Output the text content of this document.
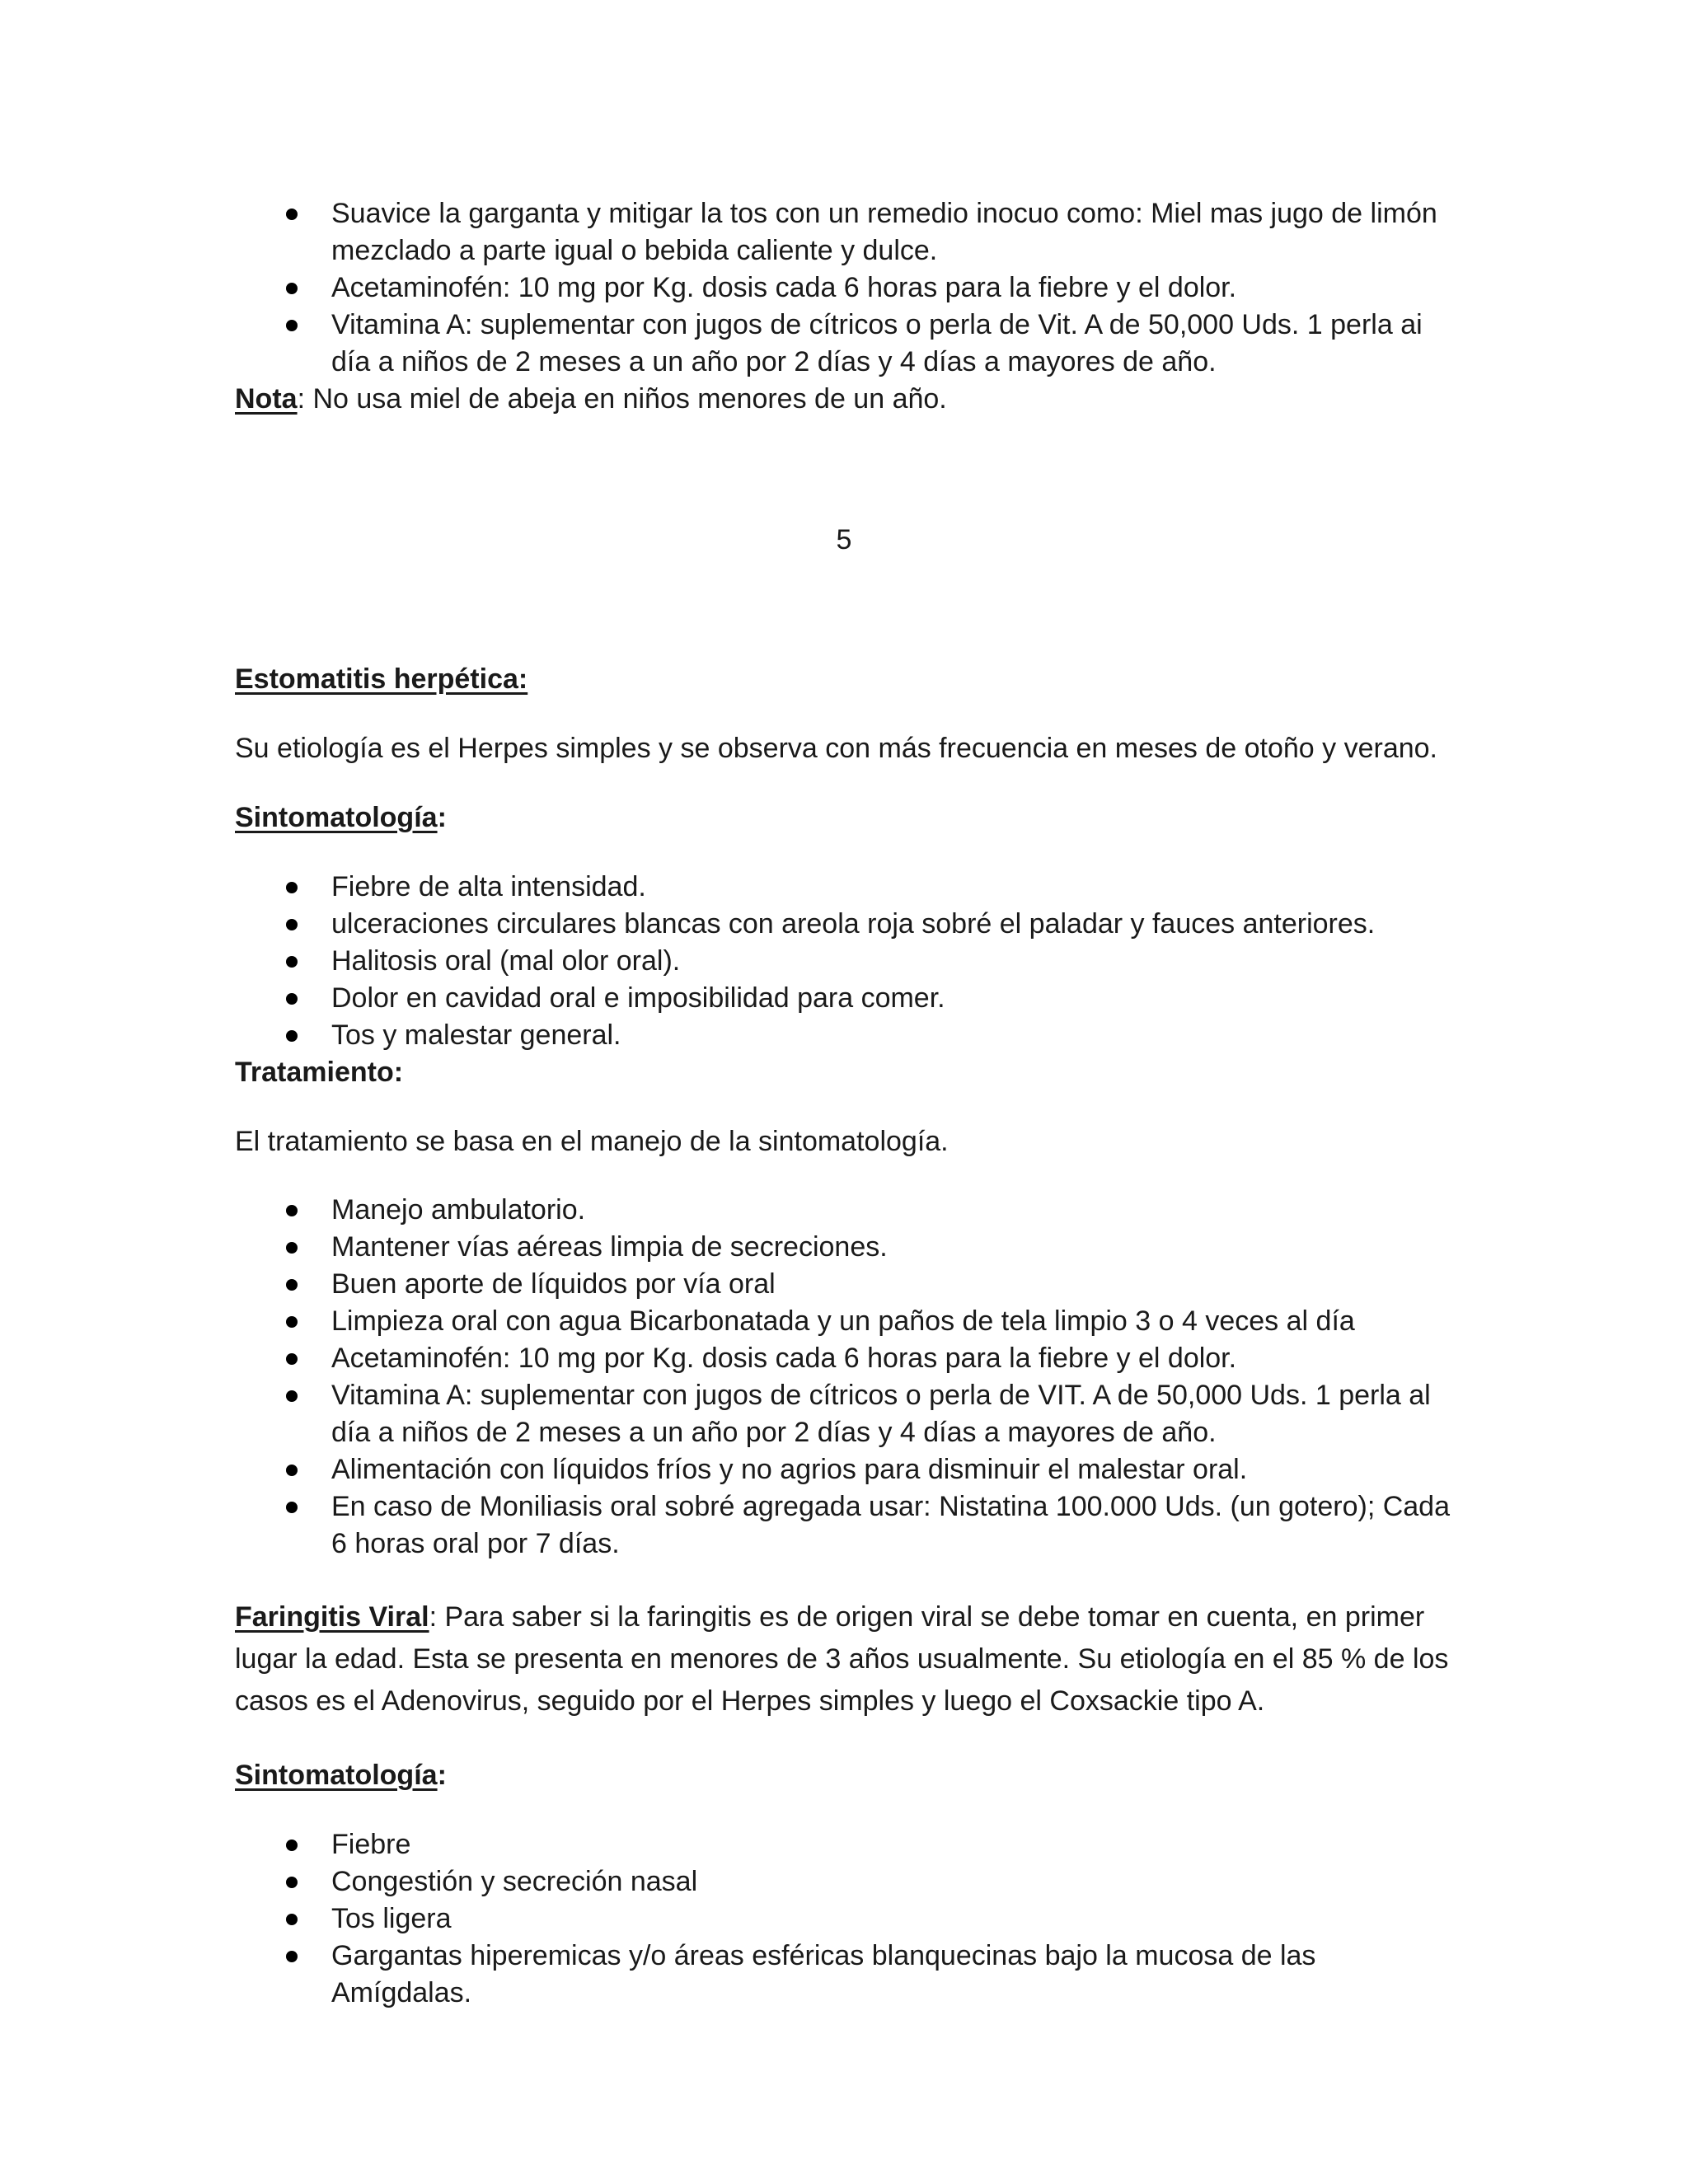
Suavice la garganta y mitigar la tos con un remedio inocuo como: Miel mas jugo de limón mezclado a parte igual o bebida caliente y dulce.
Acetaminofén: 10 mg por Kg. dosis cada 6 horas para la fiebre y el dolor.
Vitamina A: suplementar con jugos de cítricos o perla de Vit. A de 50,000 Uds. 1 perla ai día a niños de 2 meses a un año por 2 días y 4 días a mayores de año.

Nota: No usa miel de abeja en niños menores de un año.

5

Estomatitis herpética:

Su etiología es el Herpes simples y se observa con más frecuencia en meses de otoño y verano.

Sintomatología:

Fiebre de alta intensidad.
ulceraciones circulares blancas con areola roja sobré el paladar y fauces anteriores.
Halitosis oral (mal olor oral).
Dolor en cavidad oral e imposibilidad para comer.
Tos y malestar general.

Tratamiento:

El tratamiento se basa en el manejo de la sintomatología.

Manejo ambulatorio.
Mantener vías aéreas limpia de secreciones.
Buen aporte de líquidos por vía oral
Limpieza oral con agua Bicarbonatada y un paños de tela limpio 3 o 4 veces al día
Acetaminofén: 10 mg por Kg. dosis cada 6 horas para la fiebre y el dolor.
Vitamina A: suplementar con jugos de cítricos o perla de VIT. A de 50,000 Uds. 1 perla al día a niños de 2 meses a un año por 2 días y 4 días a mayores de año.
Alimentación con líquidos fríos y no agrios para disminuir el malestar oral.
En caso de Moniliasis oral sobré agregada usar: Nistatina 100.000 Uds. (un gotero); Cada 6 horas oral por 7 días.

Faringitis Viral: Para saber si la faringitis es de origen viral se debe tomar en cuenta, en primer lugar la edad. Esta se presenta en menores de 3 años usualmente. Su etiología en el 85 % de los casos es el Adenovirus, seguido por el Herpes simples y luego el Coxsackie tipo A.

Sintomatología:

Fiebre
Congestión y secreción nasal
Tos ligera
Gargantas hiperemicas y/o áreas esféricas blanquecinas bajo la mucosa de las Amígdalas.
